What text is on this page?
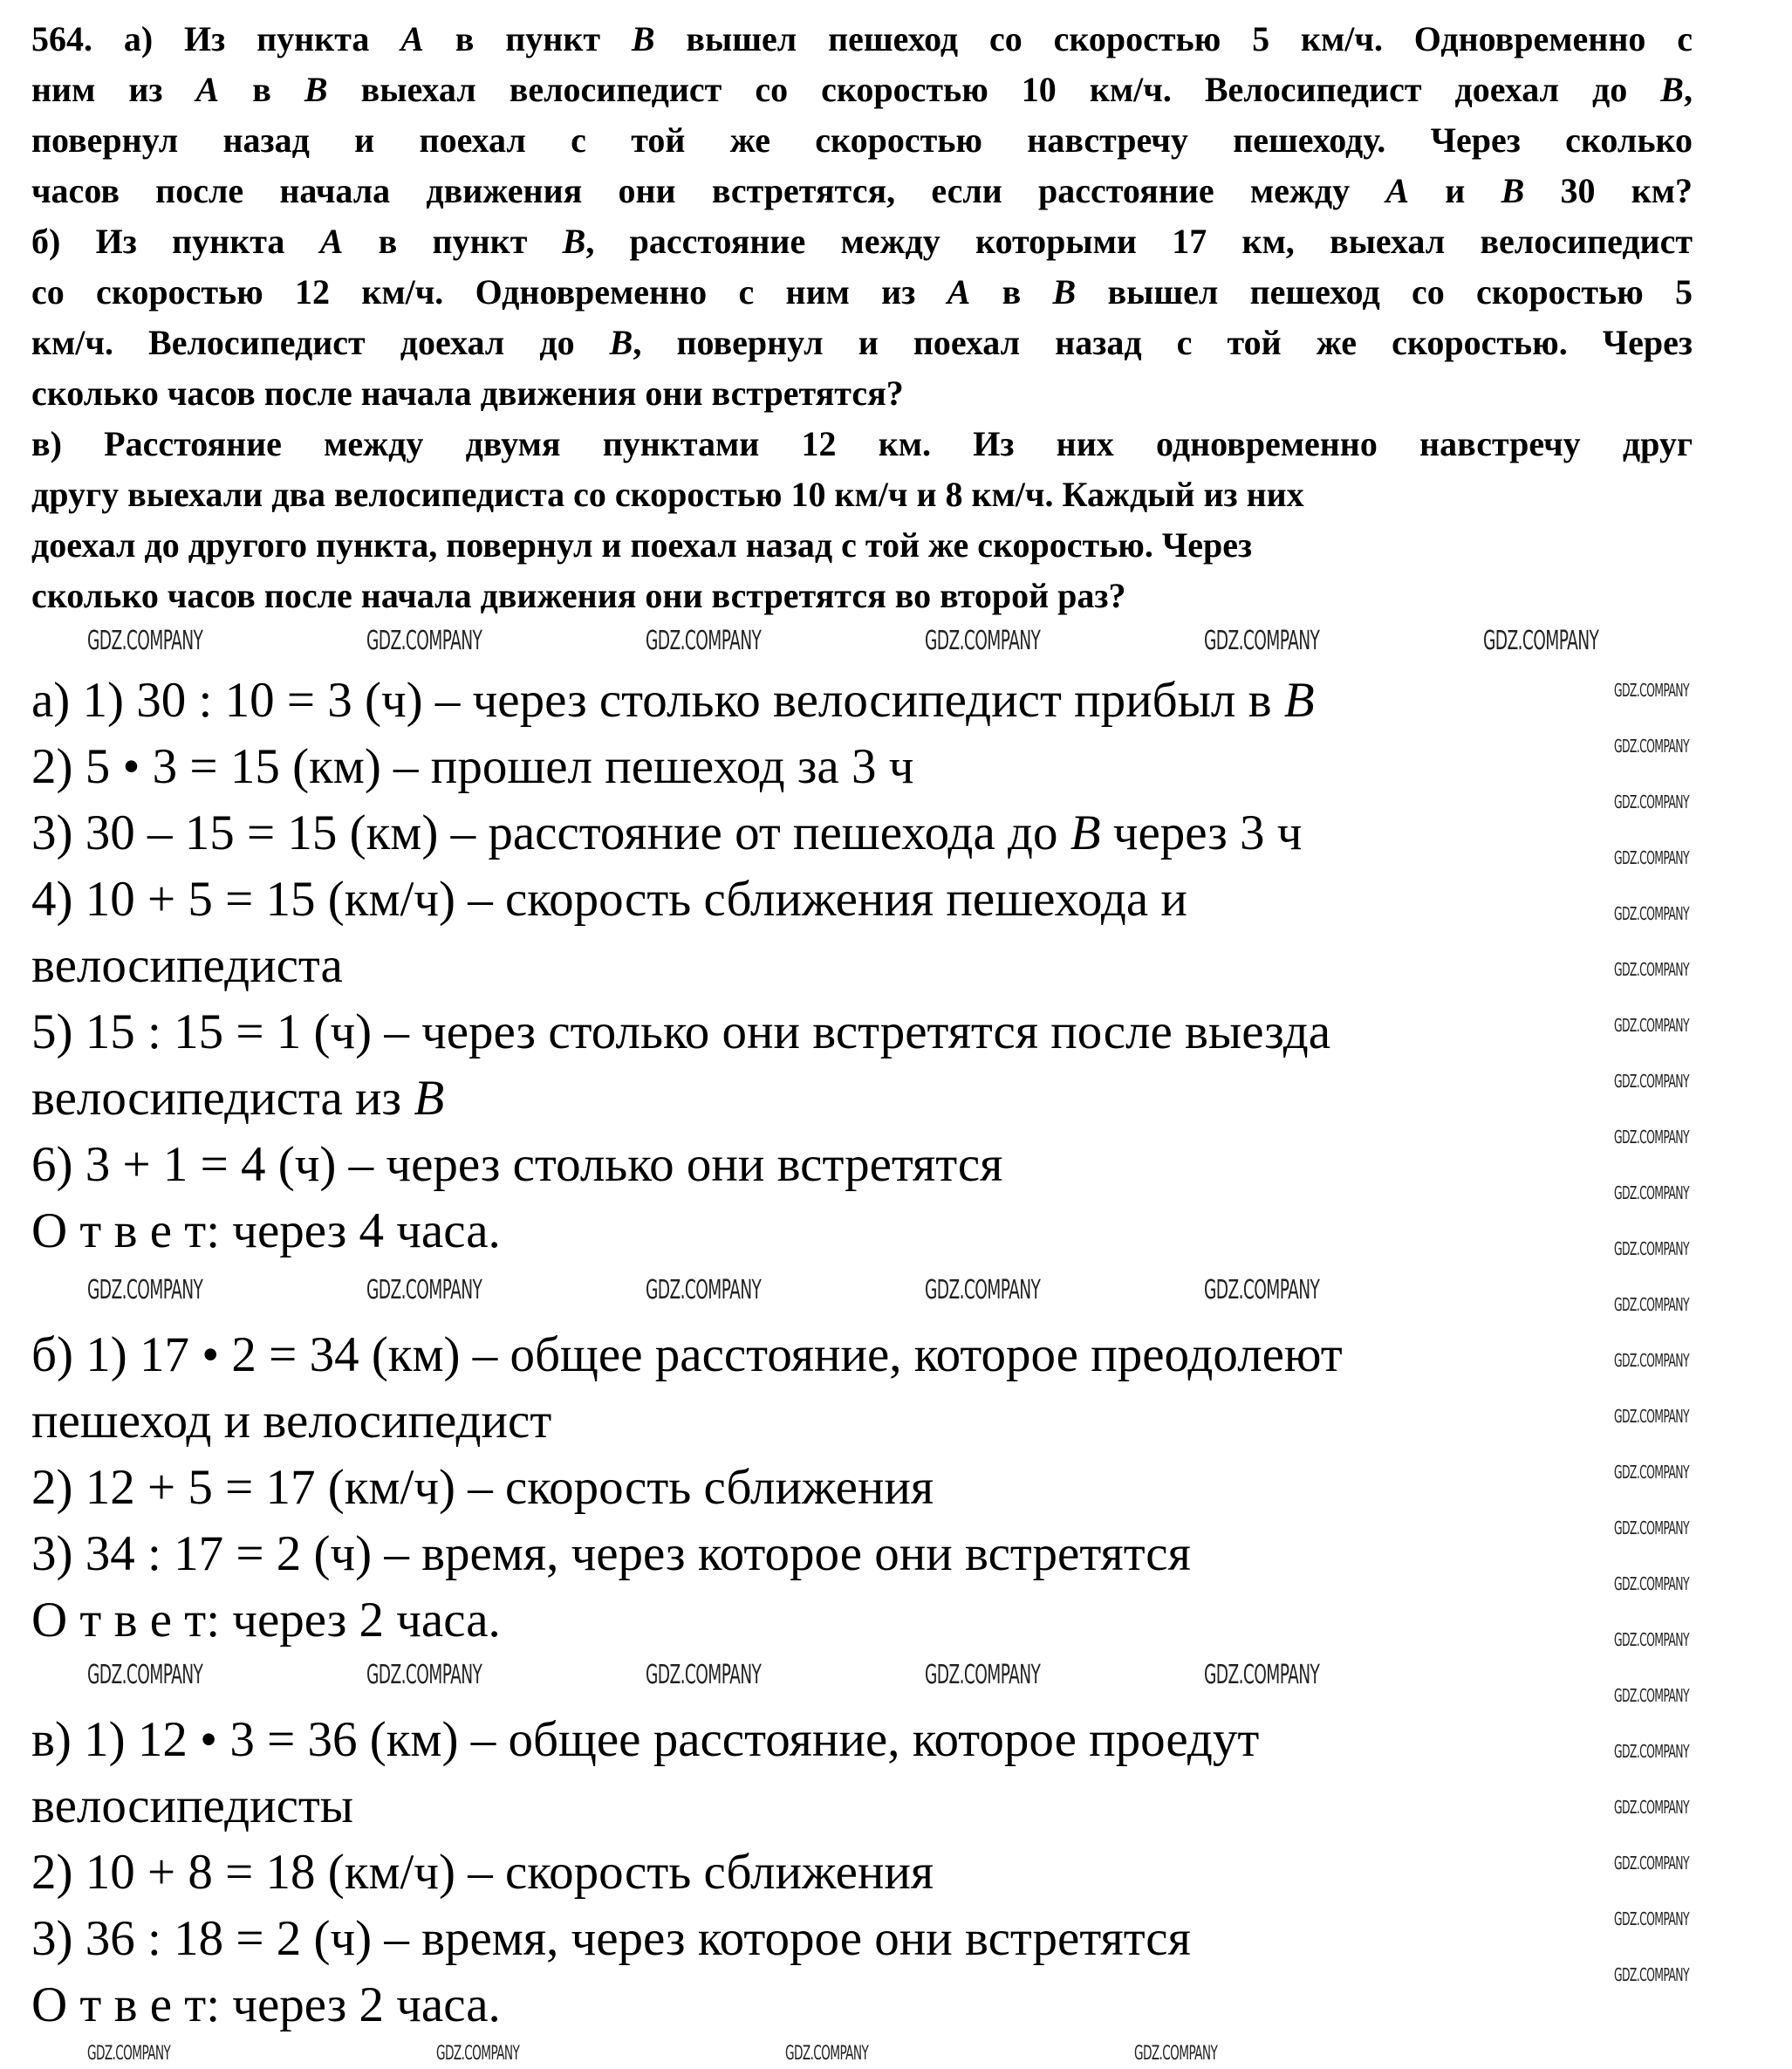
564. а) Из пункта A в пункт B вышел пешеход со скоростью 5 км/ч. Одновременно с
ним из A в B выехал велосипедист со скоростью 10 км/ч. Велосипедист доехал до B,
повернул назад и поехал с той же скоростью навстречу пешеходу. Через сколько
часов после начала движения они встретятся, если расстояние между A и B 30 км?
б) Из пункта A в пункт B, расстояние между которыми 17 км, выехал велосипедист
со скоростью 12 км/ч. Одновременно с ним из A в B вышел пешеход со скоростью 5
км/ч. Велосипедист доехал до B, повернул и поехал назад с той же скоростью. Через
сколько часов после начала движения они встретятся?
в) Расстояние между двумя пунктами 12 км. Из них одновременно навстречу друг
другу выехали два велосипедиста со скоростью 10 км/ч и 8 км/ч. Каждый из них
доехал до другого пункта, повернул и поехал назад с той же скоростью. Через
сколько часов после начала движения они встретятся во второй раз?
а) 1) 30 : 10 = 3 (ч) – через столько велосипедист прибыл в B
2) 5 • 3 = 15 (км) – прошел пешеход за 3 ч
3) 30 – 15 = 15 (км) – расстояние от пешехода до B через 3 ч
4) 10 + 5 = 15 (км/ч) – скорость сближения пешехода и
велосипедиста
5) 15 : 15 = 1 (ч) – через столько они встретятся после выезда
велосипедиста из B
6) 3 + 1 = 4 (ч) – через столько они встретятся
О т в е т: через 4 часа.
б) 1) 17 • 2 = 34 (км) – общее расстояние, которое преодолеют
пешеход и велосипедист
2) 12 + 5 = 17 (км/ч) – скорость сближения
3) 34 : 17 = 2 (ч) – время, через которое они встретятся
О т в е т: через 2 часа.
в) 1) 12 • 3 = 36 (км) – общее расстояние, которое проедут
велосипедисты
2) 10 + 8 = 18 (км/ч) – скорость сближения
3) 36 : 18 = 2 (ч) – время, через которое они встретятся
О т в е т: через 2 часа.
GDZ.COMPANY	GDZ.COMPANY	GDZ.COMPANY	GDZ.COMPANY	GDZ.COMPANY	GDZ.COMPANY
GDZ.COMPANY	GDZ.COMPANY	GDZ.COMPANY	GDZ.COMPANY	GDZ.COMPANY
GDZ.COMPANY	GDZ.COMPANY	GDZ.COMPANY	GDZ.COMPANY	GDZ.COMPANY
GDZ.COMPANY	GDZ.COMPANY	GDZ.COMPANY	GDZ.COMPANY
GDZ.COMPANY
GDZ.COMPANY
GDZ.COMPANY
GDZ.COMPANY
GDZ.COMPANY
GDZ.COMPANY
GDZ.COMPANY
GDZ.COMPANY
GDZ.COMPANY
GDZ.COMPANY
GDZ.COMPANY
GDZ.COMPANY
GDZ.COMPANY
GDZ.COMPANY
GDZ.COMPANY
GDZ.COMPANY
GDZ.COMPANY
GDZ.COMPANY
GDZ.COMPANY
GDZ.COMPANY
GDZ.COMPANY
GDZ.COMPANY
GDZ.COMPANY
GDZ.COMPANY
